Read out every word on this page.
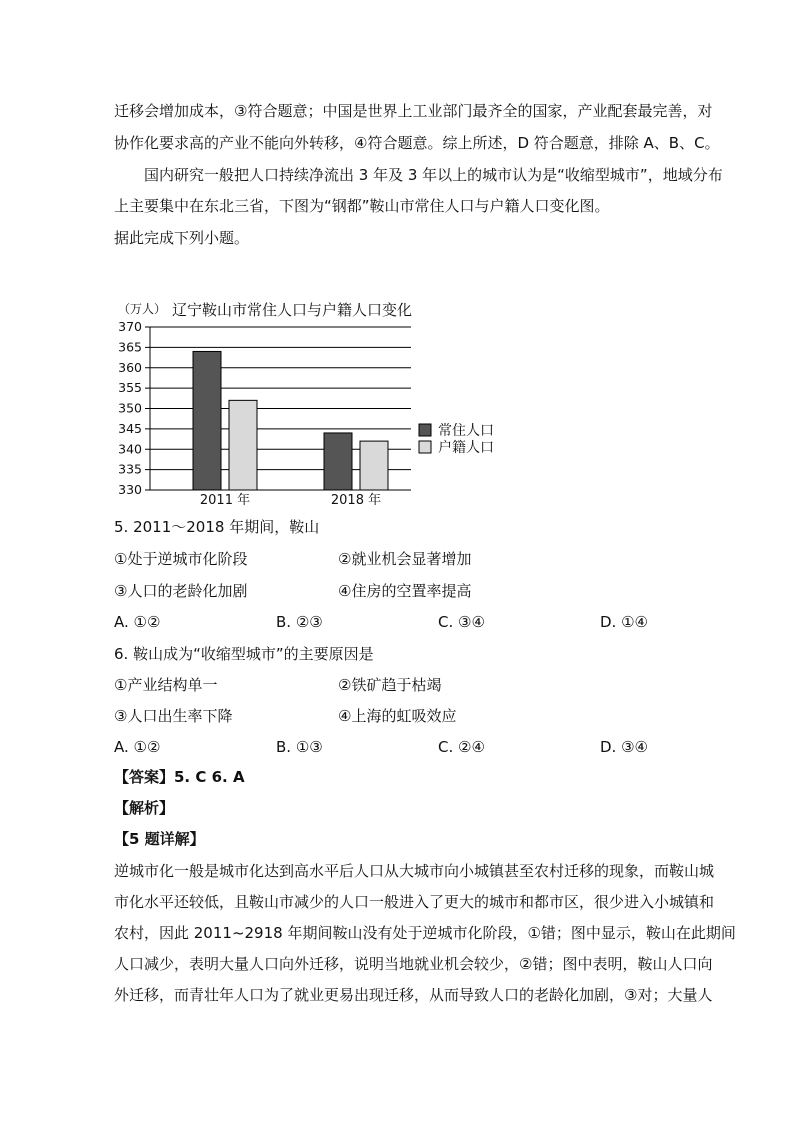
迁移会增加成本，③符合题意；中国是世界上工业部门最齐全的国家，产业配套最完善，对
协作化要求高的产业不能向外转移，④符合题意。综上所述，D 符合题意，排除 A、B、C。
国内研究一般把人口持续净流出 3 年及 3 年以上的城市认为是“收缩型城市”，地域分布
上主要集中在东北三省，下图为“钢都”鞍山市常住人口与户籍人口变化图。
据此完成下列小题。
（万人） 辽宁鞍山市常住人口与户籍人口变化
330
335
340
345
350
355
360
365
370
2011 年	2018 年
常住人口
户籍人口
5. 2011～2018 年期间，鞍山
①处于逆城市化阶段	②就业机会显著增加
③人口的老龄化加剧	④住房的空置率提高
A. ①②	B. ②③	C. ③④	D. ①④
6. 鞍山成为“收缩型城市”的主要原因是
①产业结构单一	②铁矿趋于枯竭
③人口出生率下降	④上海的虹吸效应
A. ①②	B. ①③	C. ②④	D. ③④
【答案】5. C 6. A
【解析】
【5 题详解】
逆城市化一般是城市化达到高水平后人口从大城市向小城镇甚至农村迁移的现象，而鞍山城
市化水平还较低，且鞍山市减少的人口一般进入了更大的城市和都市区，很少进入小城镇和
农村，因此 2011~2918 年期间鞍山没有处于逆城市化阶段，①错；图中显示，鞍山在此期间
人口减少，表明大量人口向外迁移，说明当地就业机会较少，②错；图中表明，鞍山人口向
外迁移，而青壮年人口为了就业更易出现迁移，从而导致人口的老龄化加剧，③对；大量人
